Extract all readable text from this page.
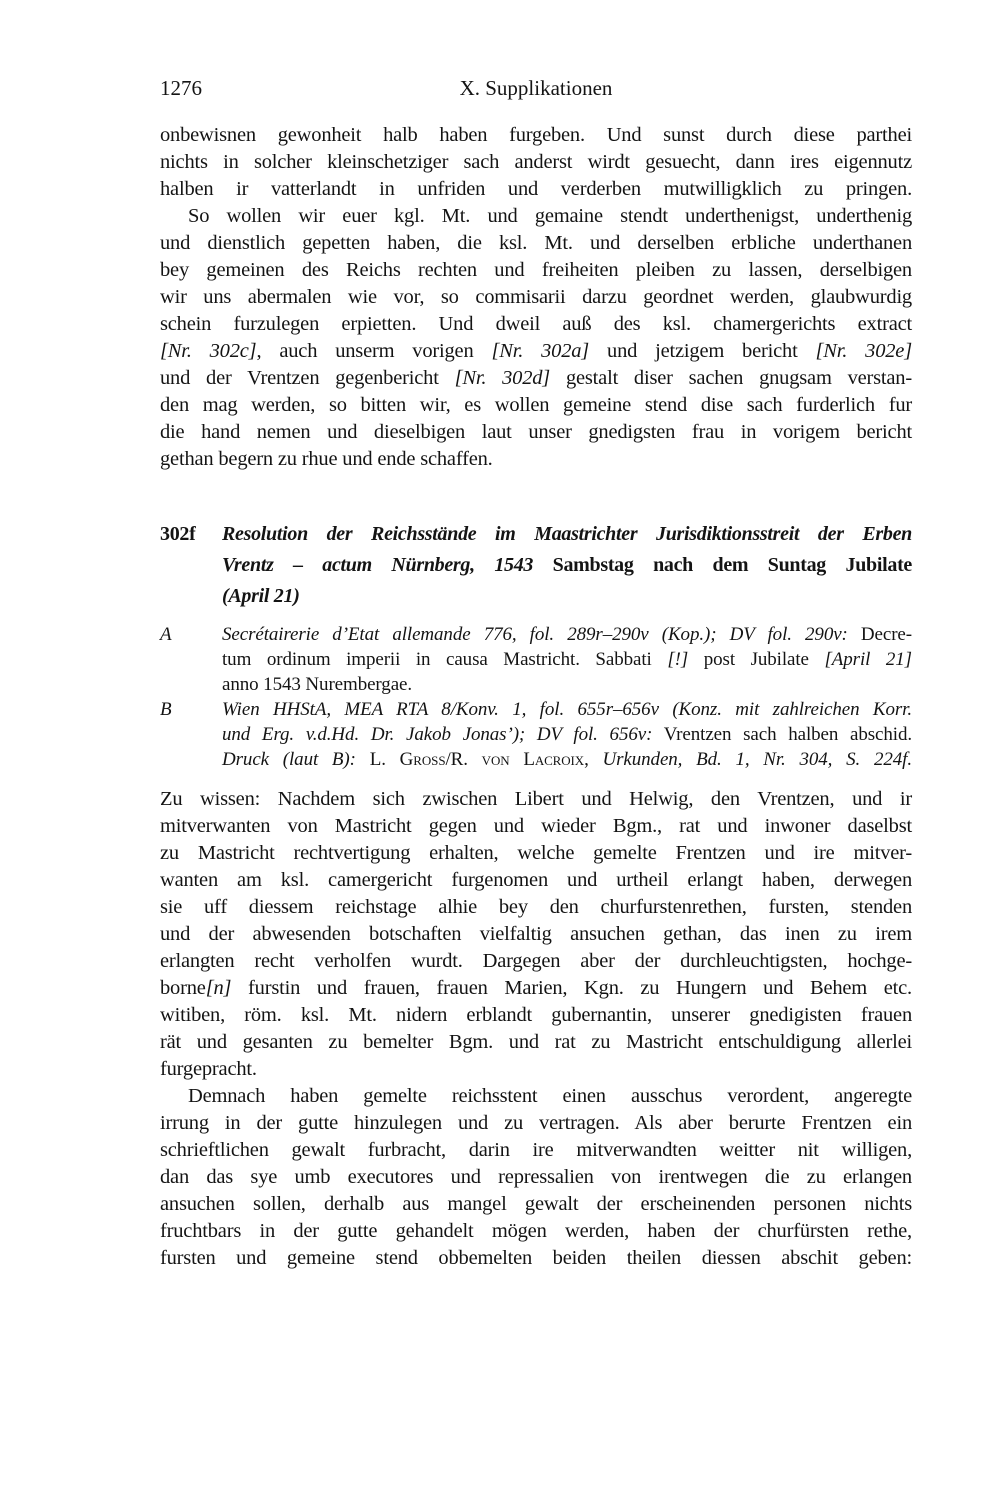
1276	X. Supplikationen
onbewisnen gewonheit halb haben furgeben. Und sunst durch diese parthei
nichts in solcher kleinschetziger sach anderst wirdt gesuecht, dann ires eigennutz
halben ir vatterlandt in unfriden und verderben mutwilligklich zu pringen.
So wollen wir euer kgl. Mt. und gemaine stendt underthenigst, underthenig
und dienstlich gepetten haben, die ksl. Mt. und derselben erbliche underthanen
bey gemeinen des Reichs rechten und freiheiten pleiben zu lassen, derselbigen
wir uns abermalen wie vor, so commisarii darzu geordnet werden, glaubwurdig
schein furzulegen erpietten. Und dweil auß des ksl. chamergerichts extract
[Nr. 302c], auch unserm vorigen [Nr. 302a] und jetzigem bericht [Nr. 302e]
und der Vrentzen gegenbericht [Nr. 302d] gestalt diser sachen gnugsam verstan-
den mag werden, so bitten wir, es wollen gemeine stend dise sach furderlich fur
die hand nemen und dieselbigen laut unser gnedigsten frau in vorigem bericht
gethan begern zu rhue und ende schaffen.
302f Resolution der Reichsstände im Maastrichter Jurisdiktionsstreit der Erben
Vrentz – actum Nürnberg, 1543 Sambstag nach dem Suntag Jubilate
(April 21)
A	Secrétairerie d’Etat allemande 776, fol. 289r–290v (Kop.); DV fol. 290v: Decre-
tum ordinum imperii in causa Mastricht. Sabbati [!] post Jubilate [April 21]
anno 1543 Nurembergae.
B	Wien HHStA, MEA RTA 8/Konv. 1, fol. 655r–656v (Konz. mit zahlreichen Korr.
und Erg. v.d.Hd. Dr. Jakob Jonas’); DV fol. 656v: Vrentzen sach halben abschid.
Druck (laut B): L. Groß/R. von Lacroix, Urkunden, Bd. 1, Nr. 304, S. 224f.
Zu wissen: Nachdem sich zwischen Libert und Helwig, den Vrentzen, und ir
mitverwanten von Mastricht gegen und wieder Bgm., rat und inwoner daselbst
zu Mastricht rechtvertigung erhalten, welche gemelte Frentzen und ire mitver-
wanten am ksl. camergericht furgenomen und urtheil erlangt haben, derwegen
sie uff diessem reichstage alhie bey den churfurstenrethen, fursten, stenden
und der abwesenden botschaften vielfaltig ansuchen gethan, das inen zu irem
erlangten recht verholfen wurdt. Dargegen aber der durchleuchtigsten, hochge-
borne[n] furstin und frauen, frauen Marien, Kgn. zu Hungern und Behem etc.
witiben, röm. ksl. Mt. nidern erblandt gubernantin, unserer gnedigisten frauen
rät und gesanten zu bemelter Bgm. und rat zu Mastricht entschuldigung allerlei
furgepracht.
Demnach haben gemelte reichsstent einen ausschus verordent, angeregte
irrung in der gutte hinzulegen und zu vertragen. Als aber berurte Frentzen ein
schrieftlichen gewalt furbracht, darin ire mitverwandten weitter nit willigen,
dan das sye umb executores und repressalien von irentwegen die zu erlangen
ansuchen sollen, derhalb aus mangel gewalt der erscheinenden personen nichts
fruchtbars in der gutte gehandelt mögen werden, haben der churfürsten rethe,
fursten und gemeine stend obbemelten beiden theilen diessen abschit geben:
